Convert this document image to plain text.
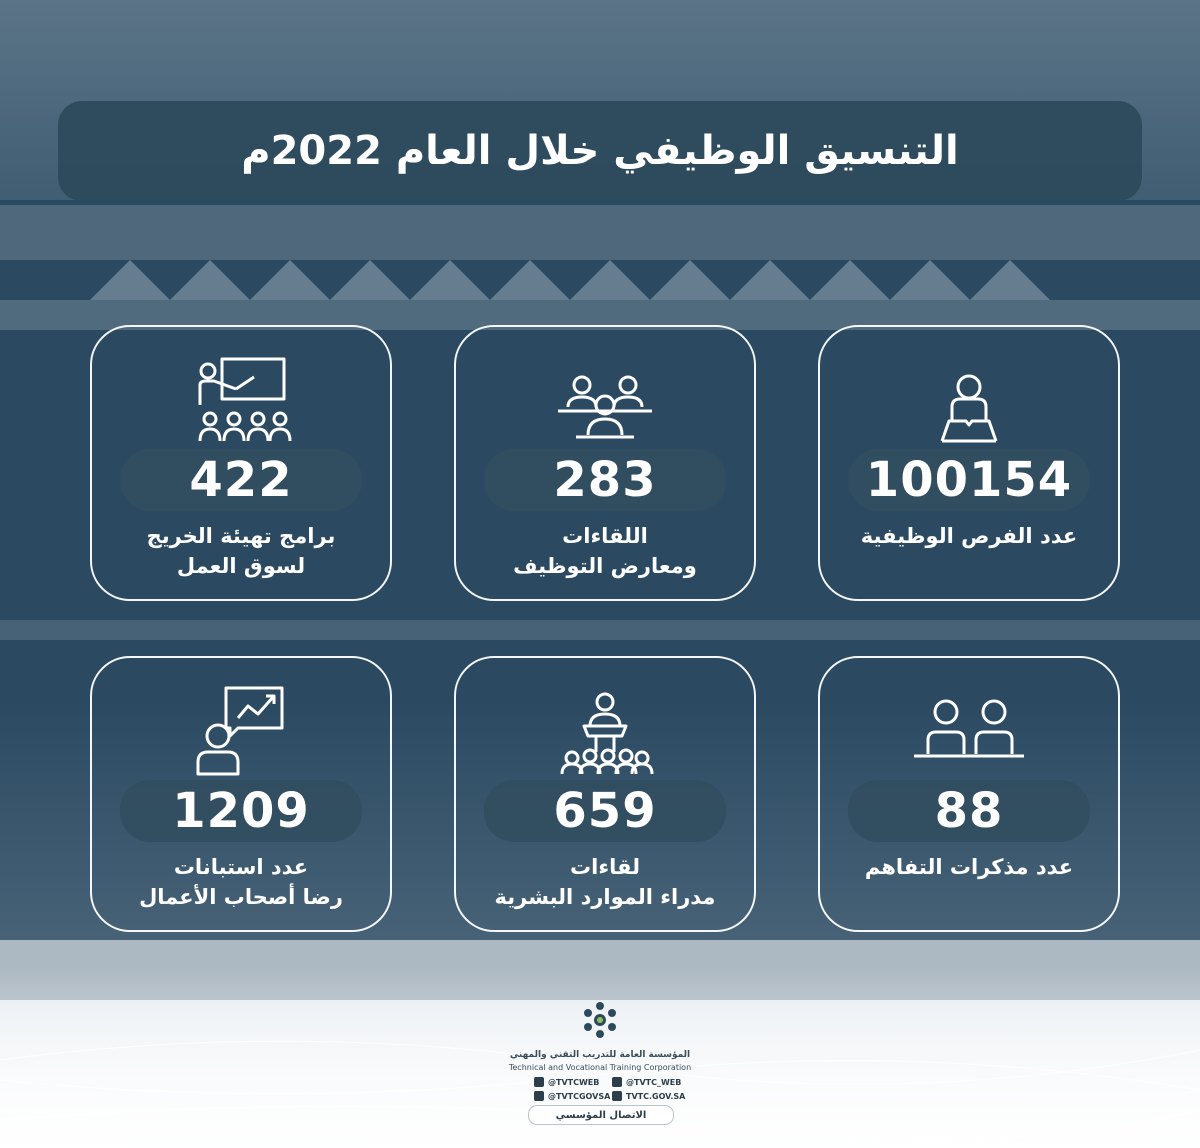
التنسيق الوظيفي خلال العام 2022م
100154
عدد الفرص الوظيفية
283
اللقاءات
ومعارض التوظيف
422
برامج تهيئة الخريج
لسوق العمل
88
عدد مذكرات التفاهم
659
لقاءات
مدراء الموارد البشرية
1209
عدد استبانات
رضا أصحاب الأعمال
المؤسسة العامة للتدريب التقني والمهني
Technical and Vocational Training Corporation
@TVTCWEB	@TVTC_WEB
@TVTCGOVSA TVTC.GOV.SA
الاتصال المؤسسي
